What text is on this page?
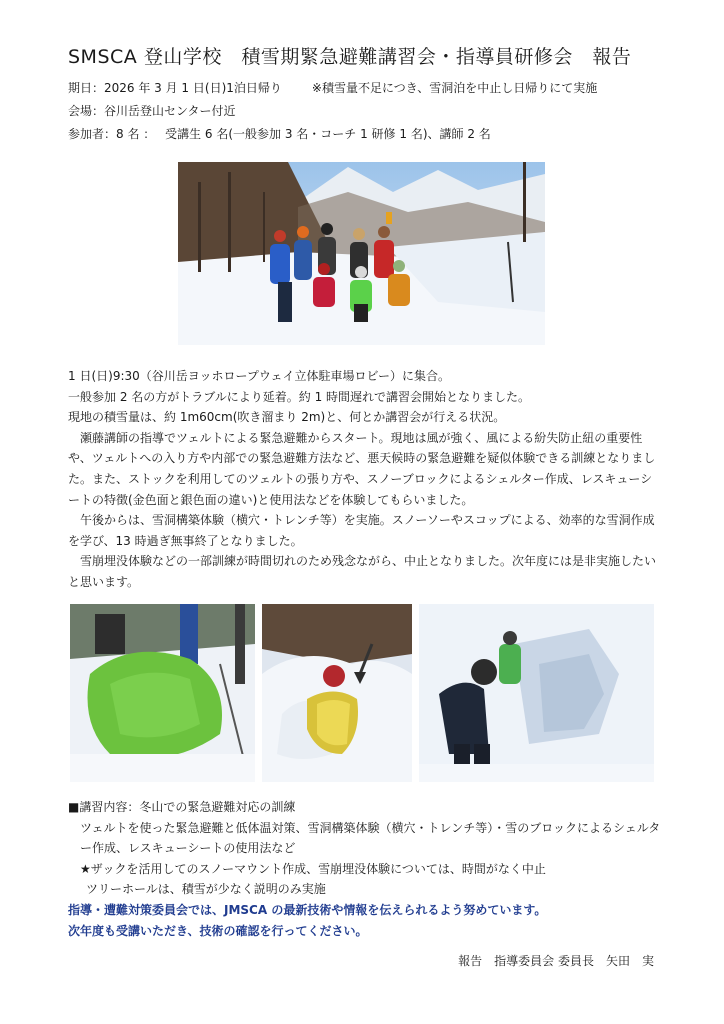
SMSCA 登山学校　積雪期緊急避難講習会・指導員研修会　報告
期日：2026 年 3 月 1 日(日)1泊日帰り	※積雪量不足につき、雪洞泊を中止し日帰りにて実施
会場：谷川岳登山センター付近
参加者：8 名 ：　 受講生 6 名(一般参加 3 名・コーチ 1 研修 1 名)、講師 2 名

1 日(日)9:30（谷川岳ヨッホロープウェイ立体駐車場ロビー）に集合。

一般参加 2 名の方がトラブルにより延着。約 1 時間遅れで講習会開始となりました。

現地の積雪量は、約 1m60cm(吹き溜まり 2m)と、何とか講習会が行える状況。

瀬藤講師の指導でツェルトによる緊急避難からスタート。現地は風が強く、風による紛失防止紐の重要性や、ツェルトへの入り方や内部での緊急避難方法など、悪天候時の緊急避難を疑似体験できる訓練となりました。また、ストックを利用してのツェルトの張り方や、スノーブロックによるシェルター作成、レスキューシートの特徴(金色面と銀色面の違い)と使用法などを体験してもらいました。

午後からは、雪洞構築体験（横穴・トレンチ等）を実施。スノーソーやスコップによる、効率的な雪洞作成を学び、13 時過ぎ無事終了となりました。

雪崩埋没体験などの一部訓練が時間切れのため残念ながら、中止となりました。次年度には是非実施したいと思います。

■講習内容：冬山での緊急避難対応の訓練

ツェルトを使った緊急避難と低体温対策、雪洞構築体験（横穴・トレンチ等）・雪のブロックによるシェルター作成、レスキューシートの使用法など

★ザックを活用してのスノーマウント作成、雪崩埋没体験については、時間がなく中止

ツリーホールは、積雪が少なく説明のみ実施

指導・遭難対策委員会では、JMSCA の最新技術や情報を伝えられるよう努めています。

次年度も受講いただき、技術の確認を行ってください。

報告　指導委員会 委員長　矢田　実
